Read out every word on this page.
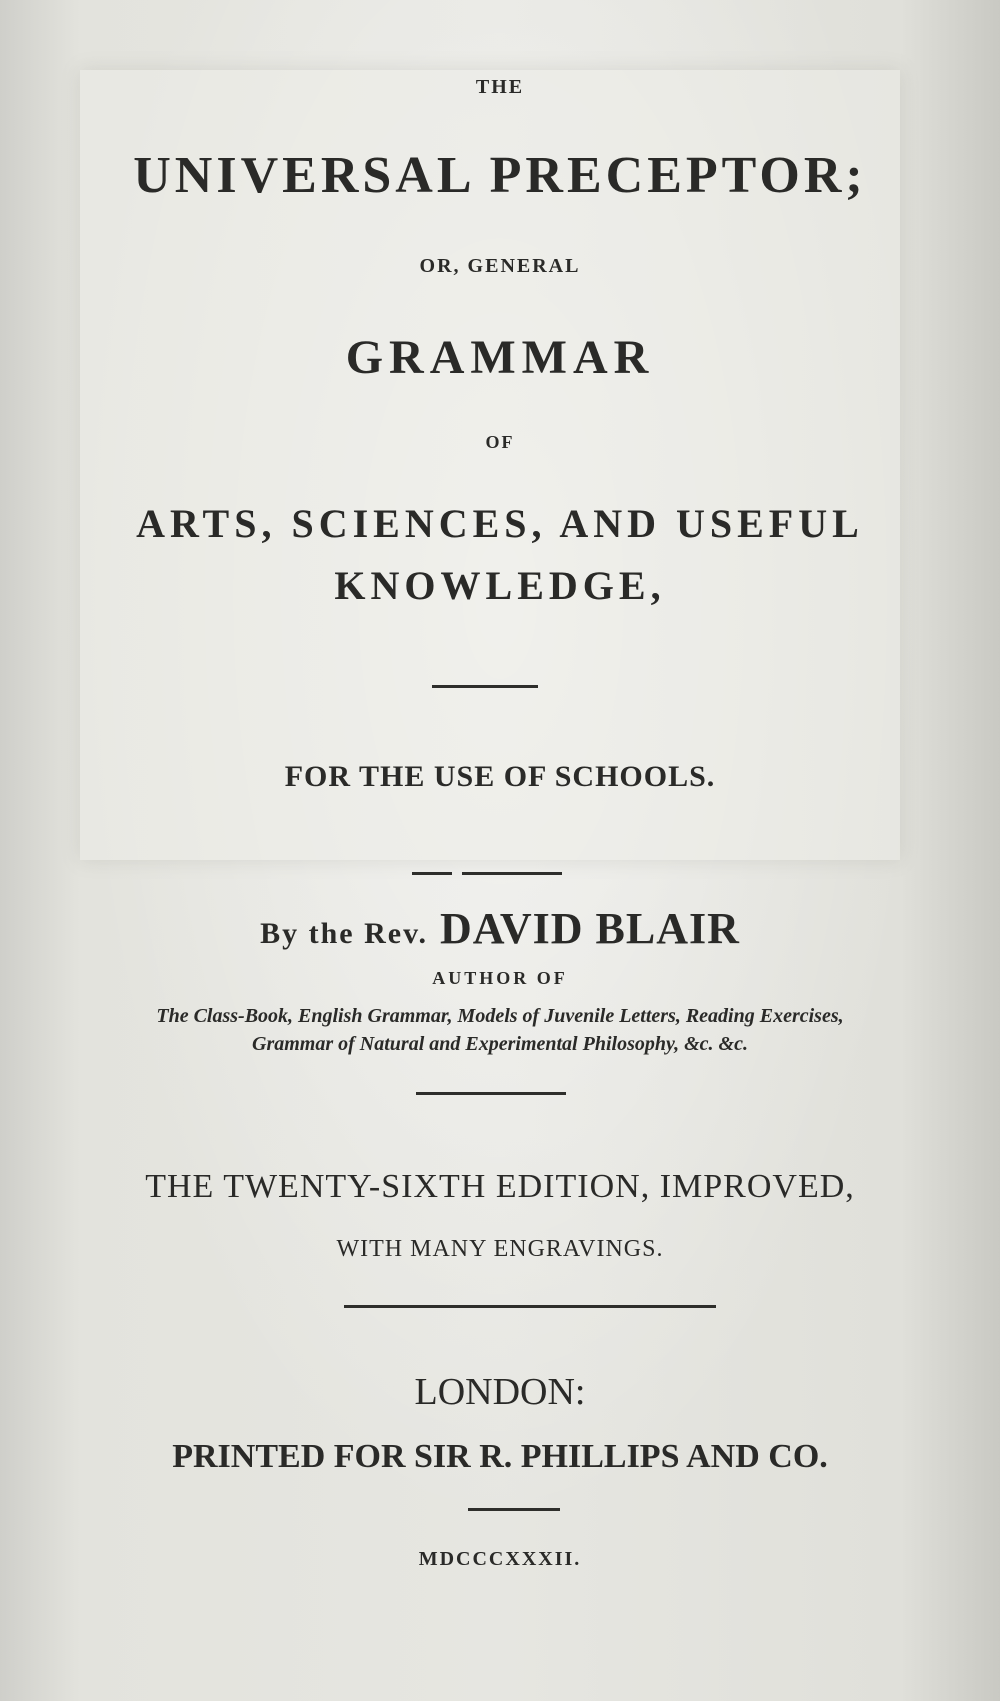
THE
UNIVERSAL PRECEPTOR;
OR, GENERAL
GRAMMAR
OF
ARTS, SCIENCES, AND USEFUL
KNOWLEDGE,
FOR THE USE OF SCHOOLS.
By the Rev. DAVID BLAIR
AUTHOR OF
The Class-Book, English Grammar, Models of Juvenile Letters, Reading Exercises,
Grammar of Natural and Experimental Philosophy, &c. &c.
THE TWENTY-SIXTH EDITION, IMPROVED,
WITH MANY ENGRAVINGS.
LONDON:
PRINTED FOR SIR R. PHILLIPS AND CO.
MDCCCXXXII.
